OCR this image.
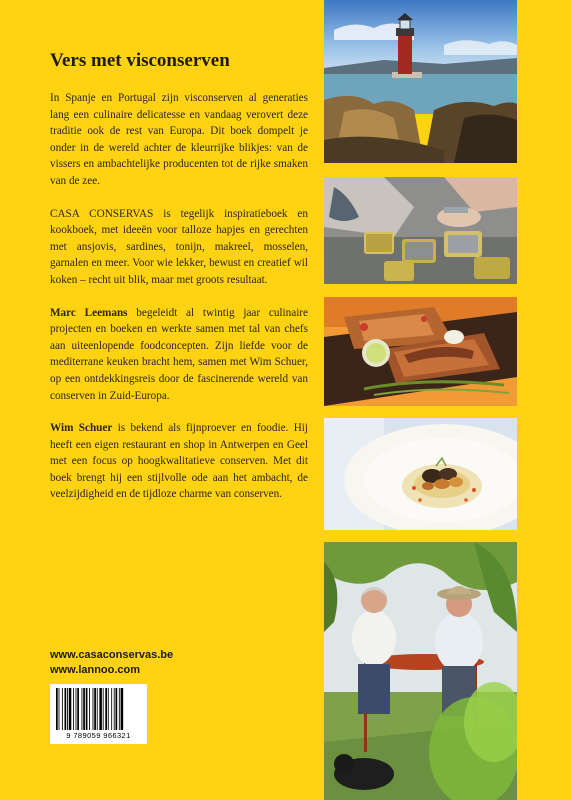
Vers met visconserven

In Spanje en Portugal zijn visconserven al generaties lang een culinaire delicatesse en vandaag verovert deze traditie ook de rest van Europa. Dit boek dompelt je onder in de wereld achter de kleurrijke blikjes: van de vissers en ambachtelijke producenten tot de rijke smaken van de zee.

CASA CONSERVAS is tegelijk inspiratieboek en kookboek, met ideeën voor talloze hapjes en gerechten met ansjovis, sardines, tonijn, makreel, mosselen, garnalen en meer. Voor wie lekker, bewust en creatief wil koken – recht uit blik, maar met groots resultaat.

Marc Leemans begeleidt al twintig jaar culinaire projecten en boeken en werkte samen met tal van chefs aan uiteenlopende foodconcepten. Zijn liefde voor de mediterrane keuken bracht hem, samen met Wim Schuer, op een ontdekkingsreis door de fascinerende wereld van conserven in Zuid-Europa.

Wim Schuer is bekend als fijnproever en foodie. Hij heeft een eigen restaurant en shop in Antwerpen en Geel met een focus op hoogkwalitatieve conserven. Met dit boek brengt hij een stijlvolle ode aan het ambacht, de veelzijdigheid en de tijdloze charme van conserven.

www.casaconservas.be
www.lannoo.com
9 789059 966321
